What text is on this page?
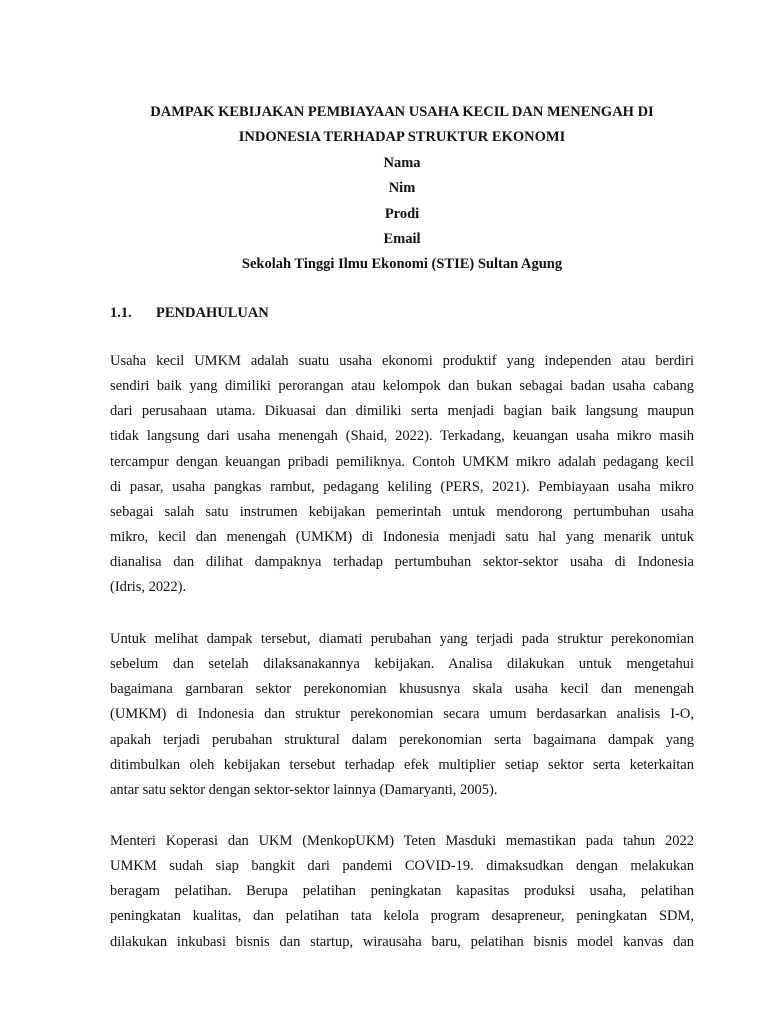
DAMPAK KEBIJAKAN PEMBIAYAAN USAHA KECIL DAN MENENGAH DI
INDONESIA TERHADAP STRUKTUR EKONOMI
Nama
Nim
Prodi
Email
Sekolah Tinggi Ilmu Ekonomi (STIE) Sultan Agung
1.1. PENDAHULUAN
Usaha kecil UMKM adalah suatu usaha ekonomi produktif yang independen atau berdiri
sendiri baik yang dimiliki perorangan atau kelompok dan bukan sebagai badan usaha cabang
dari perusahaan utama. Dikuasai dan dimiliki serta menjadi bagian baik langsung maupun
tidak langsung dari usaha menengah (Shaid, 2022). Terkadang, keuangan usaha mikro masih
tercampur dengan keuangan pribadi pemiliknya. Contoh UMKM mikro adalah pedagang kecil
di pasar, usaha pangkas rambut, pedagang keliling (PERS, 2021). Pembiayaan usaha mikro
sebagai salah satu instrumen kebijakan pemerintah untuk mendorong pertumbuhan usaha
mikro, kecil dan menengah (UMKM) di Indonesia menjadi satu hal yang menarik untuk
dianalisa dan dilihat dampaknya terhadap pertumbuhan sektor-sektor usaha di Indonesia
(Idris, 2022).
Untuk melihat dampak tersebut, diamati perubahan yang terjadi pada struktur perekonomian
sebelum dan setelah dilaksanakannya kebijakan. Analisa dilakukan untuk mengetahui
bagaimana garnbaran sektor perekonomian khususnya skala usaha kecil dan menengah
(UMKM) di Indonesia dan struktur perekonomian secara umum berdasarkan analisis I-O,
apakah terjadi perubahan struktural dalam perekonomian serta bagaimana dampak yang
ditimbulkan oleh kebijakan tersebut terhadap efek multiplier setiap sektor serta keterkaitan
antar satu sektor dengan sektor-sektor lainnya (Damaryanti, 2005).
Menteri Koperasi dan UKM (MenkopUKM) Teten Masduki memastikan pada tahun 2022
UMKM sudah siap bangkit dari pandemi COVID-19. dimaksudkan dengan melakukan
beragam pelatihan. Berupa pelatihan peningkatan kapasitas produksi usaha, pelatihan
peningkatan kualitas, dan pelatihan tata kelola program desapreneur, peningkatan SDM,
dilakukan inkubasi bisnis dan startup, wirausaha baru, pelatihan bisnis model kanvas dan
